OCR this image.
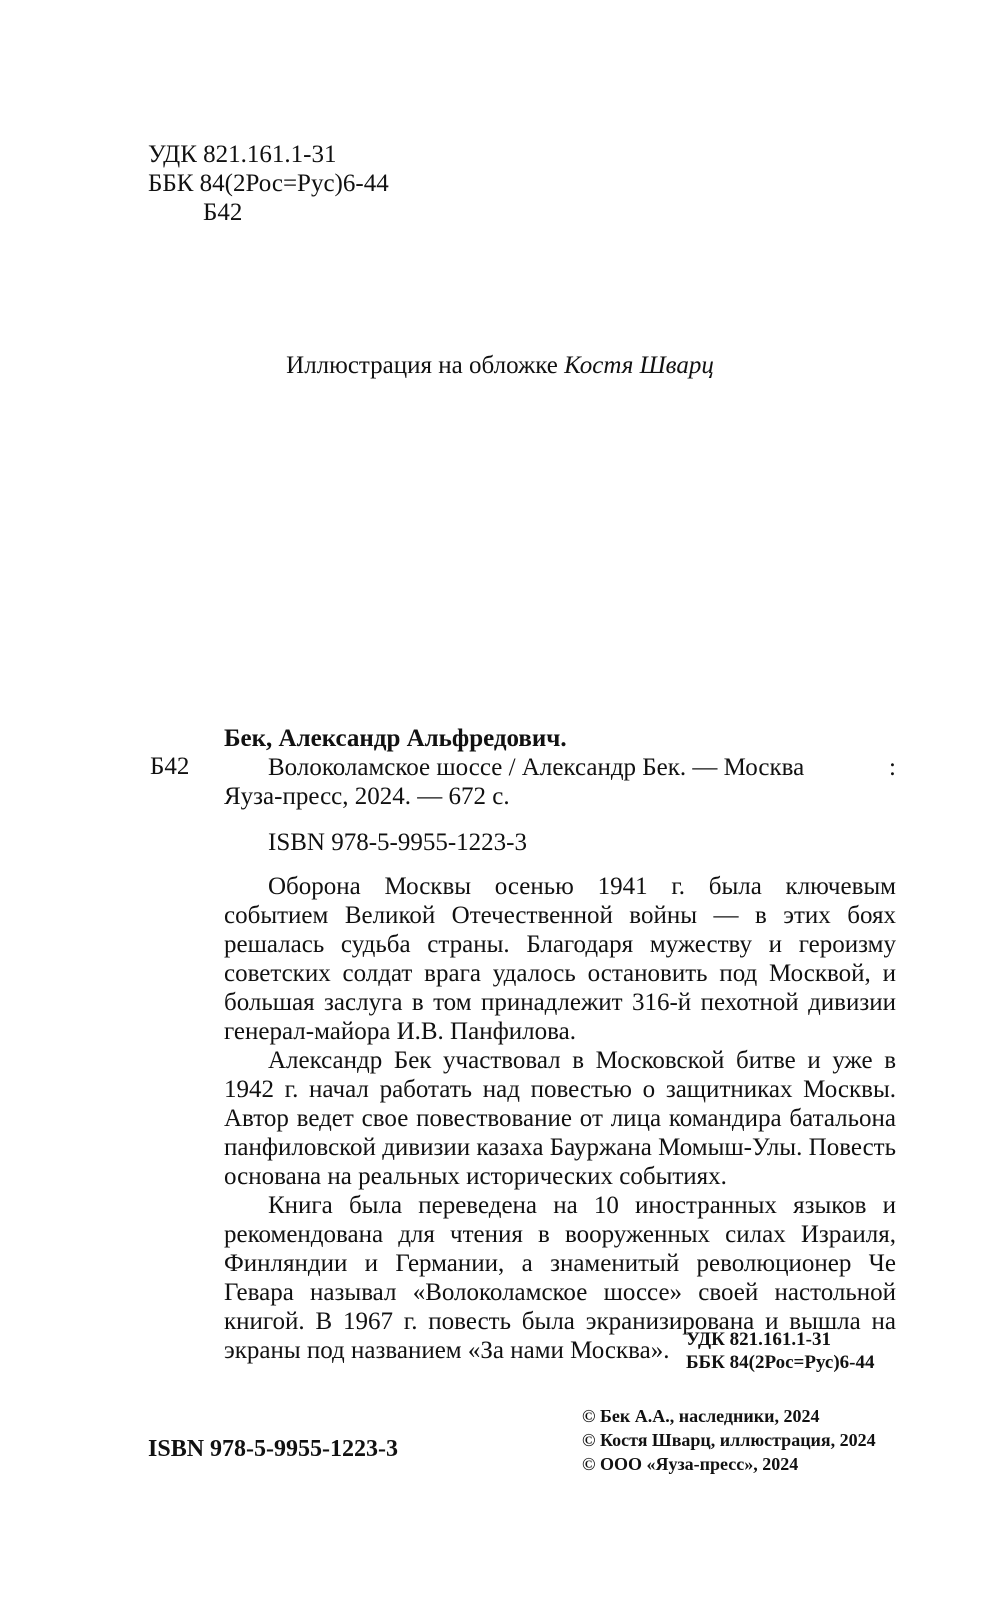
УДК 821.161.1-31
ББК 84(2Рос=Рус)6-44
Б42
Иллюстрация на обложке Костя Шварц
Б42
Бек, Александр Альфредович.
Волоколамское шоссе / Александр Бек. — Москва	:
Яуза-пресс, 2024. — 672 с.
ISBN 978-5-9955-1223-3

Оборона Москвы осенью 1941 г. была ключевым событием Великой Отечественной войны — в этих боях решалась судьба страны. Благодаря мужеству и героизму советских солдат врага удалось остановить под Москвой, и большая заслуга в том принадлежит 316-й пехотной дивизии генерал-майора И.В. Панфилова.

Александр Бек участвовал в Московской битве и уже в 1942 г. начал работать над повестью о защитниках Москвы. Автор ведет свое повествование от лица командира батальона панфиловской дивизии казаха Бауржана Момыш-Улы. Повесть основана на реальных исторических событиях.

Книга была переведена на 10 иностранных языков и рекомендована для чтения в вооруженных силах Израиля, Финляндии и Германии, а знаменитый революционер Че Гевара называл «Волоколамское шоссе» своей настольной книгой. В 1967 г. повесть была экранизирована и вышла на экраны под названием «За нами Москва». УДК 821.161.1-31
ББК 84(2Рос=Рус)6-44
ISBN 978-5-9955-1223-3
© Бек А.А., наследники, 2024
© Костя Шварц, иллюстрация, 2024
© ООО «Яуза-пресс», 2024
